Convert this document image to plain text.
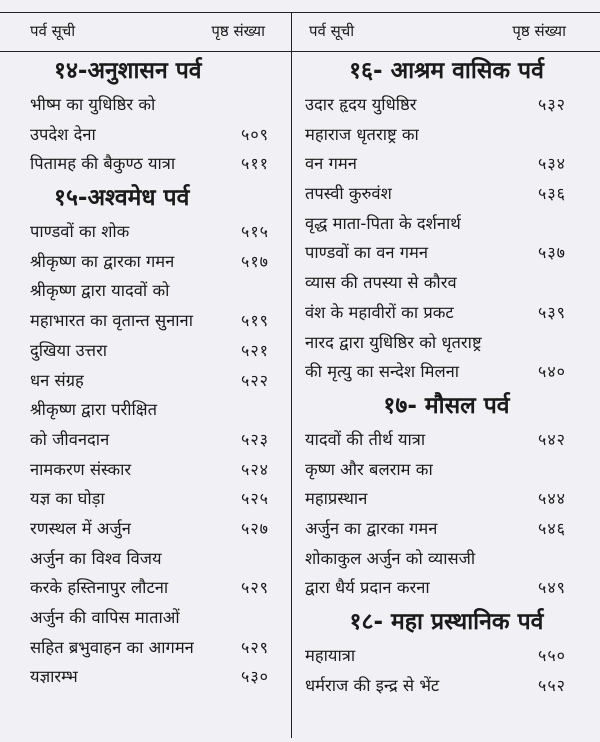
पर्व सूची	पृष्ठ संख्या
१४-अनुशासन पर्व
भीष्म का युधिष्ठिर को
उपदेश देना	५०९
पितामह की बैकुण्ठ यात्रा	५११
१५-अश्वमेध पर्व
पाण्डवों का शोक	५१५
श्रीकृष्ण का द्वारका गमन	५१७
श्रीकृष्ण द्वारा यादवों को
महाभारत का वृतान्त सुनाना	५१९
दुखिया उत्तरा	५२१
धन संग्रह	५२२
श्रीकृष्ण द्वारा परीक्षित
को जीवनदान	५२३
नामकरण संस्कार	५२४
यज्ञ का घोड़ा	५२५
रणस्थल में अर्जुन	५२७
अर्जुन का विश्व विजय
करके हस्तिनापुर लौटना	५२९
अर्जुन की वापिस माताओं
सहित ब्रभुवाहन का आगमन	५२९
यज्ञारम्भ	५३०
पर्व सूची	पृष्ठ संख्या
१६- आश्रम वासिक पर्व
उदार हृदय युधिष्ठिर	५३२
महाराज धृतराष्ट्र का
वन गमन	५३४
तपस्वी कुरुवंश	५३६
वृद्ध माता-पिता के दर्शनार्थ
पाण्डवों का वन गमन	५३७
व्यास की तपस्या से कौरव
वंश के महावीरों का प्रकट	५३९
नारद द्वारा युधिष्ठिर को धृतराष्ट्र
की मृत्यु का सन्देश मिलना	५४०
१७- मौसल पर्व
यादवों की तीर्थ यात्रा	५४२
कृष्ण और बलराम का
महाप्रस्थान	५४४
अर्जुन का द्वारका गमन	५४६
शोकाकुल अर्जुन को व्यासजी
द्वारा धैर्य प्रदान करना	५४९
१८- महा प्रस्थानिक पर्व
महायात्रा	५५०
धर्मराज की इन्द्र से भेंट	५५२
